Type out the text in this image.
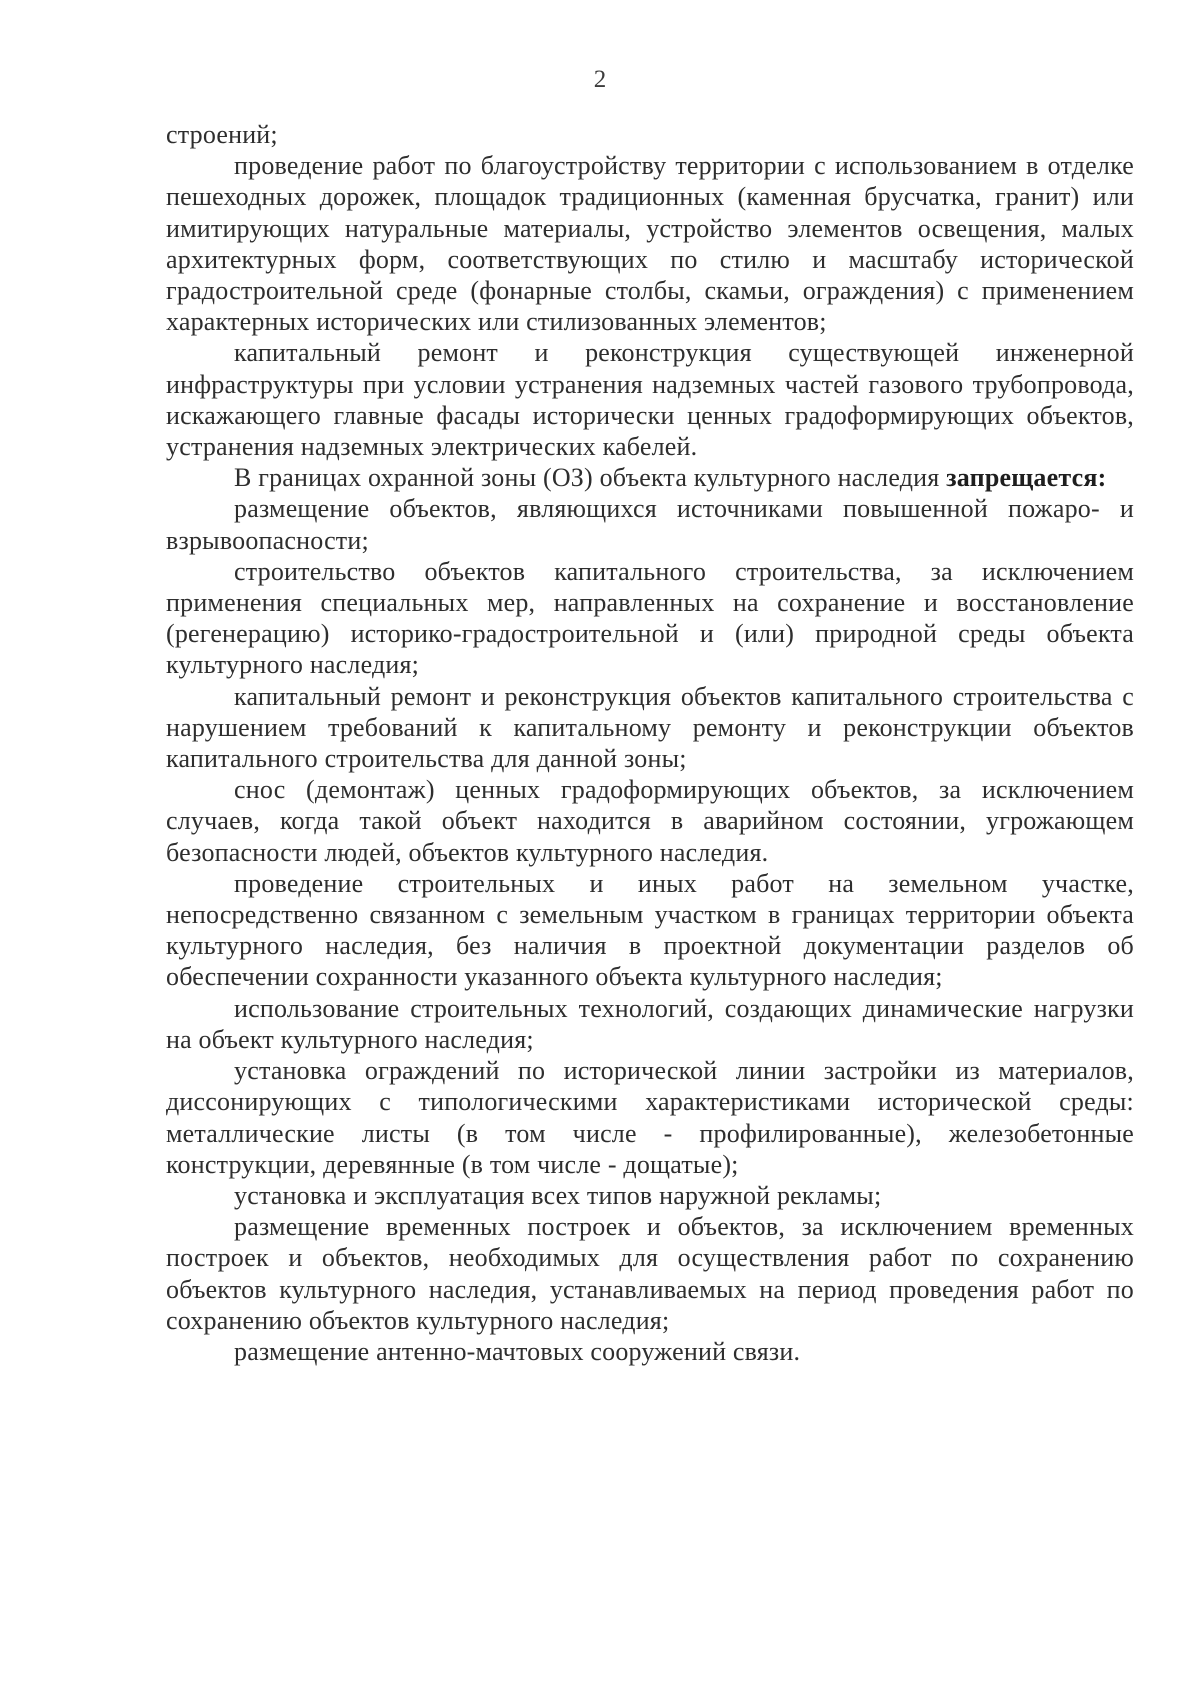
2

строений;

проведение работ по благоустройству территории с использованием в отделке пешеходных дорожек, площадок традиционных (каменная брусчатка, гранит) или имитирующих натуральные материалы, устройство элементов освещения, малых архитектурных форм, соответствующих по стилю и масштабу исторической градостроительной среде (фонарные столбы, скамьи, ограждения) с применением характерных исторических или стилизованных элементов;

капитальный ремонт и реконструкция существующей инженерной инфраструктуры при условии устранения надземных частей газового трубопровода, искажающего главные фасады исторически ценных градоформирующих объектов, устранения надземных электрических кабелей.

В границах охранной зоны (ОЗ) объекта культурного наследия запрещается:

размещение объектов, являющихся источниками повышенной пожаро- и взрывоопасности;

строительство объектов капитального строительства, за исключением применения специальных мер, направленных на сохранение и восстановление (регенерацию) историко-градостроительной и (или) природной среды объекта культурного наследия;

капитальный ремонт и реконструкция объектов капитального строительства с нарушением требований к капитальному ремонту и реконструкции объектов капитального строительства для данной зоны;

снос (демонтаж) ценных градоформирующих объектов, за исключением случаев, когда такой объект находится в аварийном состоянии, угрожающем безопасности людей, объектов культурного наследия.

проведение строительных и иных работ на земельном участке, непосредственно связанном с земельным участком в границах территории объекта культурного наследия, без наличия в проектной документации разделов об обеспечении сохранности указанного объекта культурного наследия;

использование строительных технологий, создающих динамические нагрузки на объект культурного наследия;

установка ограждений по исторической линии застройки из материалов, диссонирующих с типологическими характеристиками исторической среды: металлические листы (в том числе - профилированные), железобетонные конструкции, деревянные (в том числе - дощатые);

установка и эксплуатация всех типов наружной рекламы;

размещение временных построек и объектов, за исключением временных построек и объектов, необходимых для осуществления работ по сохранению объектов культурного наследия, устанавливаемых на период проведения работ по сохранению объектов культурного наследия;

размещение антенно-мачтовых сооружений связи.
